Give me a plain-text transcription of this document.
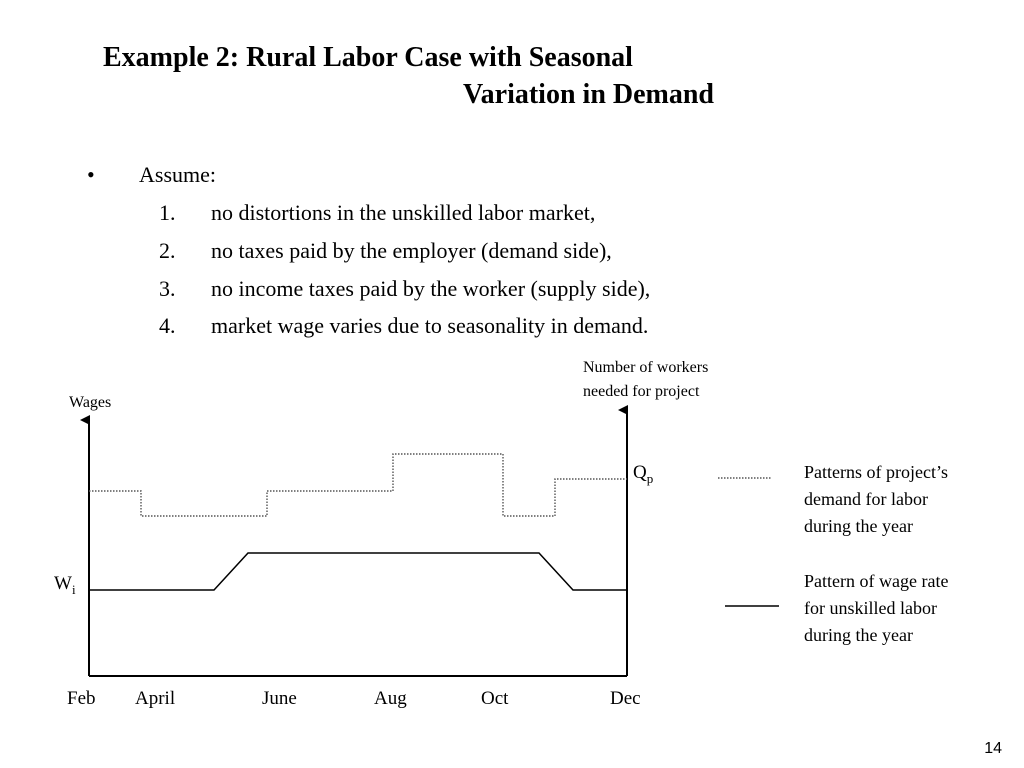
Example 2: Rural Labor Case with Seasonal
Variation in Demand
• Assume:
1. no distortions in the unskilled labor market,
2. no taxes paid by the employer (demand side),
3. no income taxes paid by the worker (supply side),
4. market wage varies due to seasonality in demand.
Wages
Number of workers
needed for project
$Q_p$
$W_i$
Feb April	June	Aug	Oct	Dec
Patterns of project’s
demand for labor
during the year
Pattern of wage rate
for unskilled labor
during the year
14
